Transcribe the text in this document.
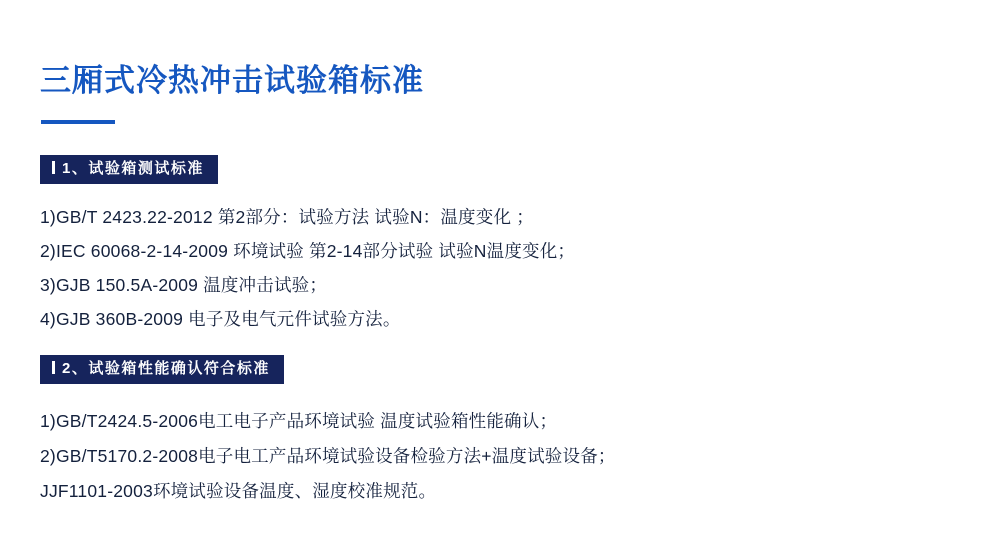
三厢式冷热冲击试验箱标准
1、试验箱测试标准
1)GB/T 2423.22-2012 第2部分：试验方法 试验N：温度变化 ；
2)IEC 60068-2-14-2009 环境试验 第2-14部分试验 试验N温度变化；
3)GJB 150.5A-2009 温度冲击试验；
4)GJB 360B-2009 电子及电气元件试验方法。
2、试验箱性能确认符合标准
1)GB/T2424.5-2006电工电子产品环境试验 温度试验箱性能确认；
2)GB/T5170.2-2008电子电工产品环境试验设备检验方法+温度试验设备；
JJF1101-2003环境试验设备温度、湿度校准规范。
